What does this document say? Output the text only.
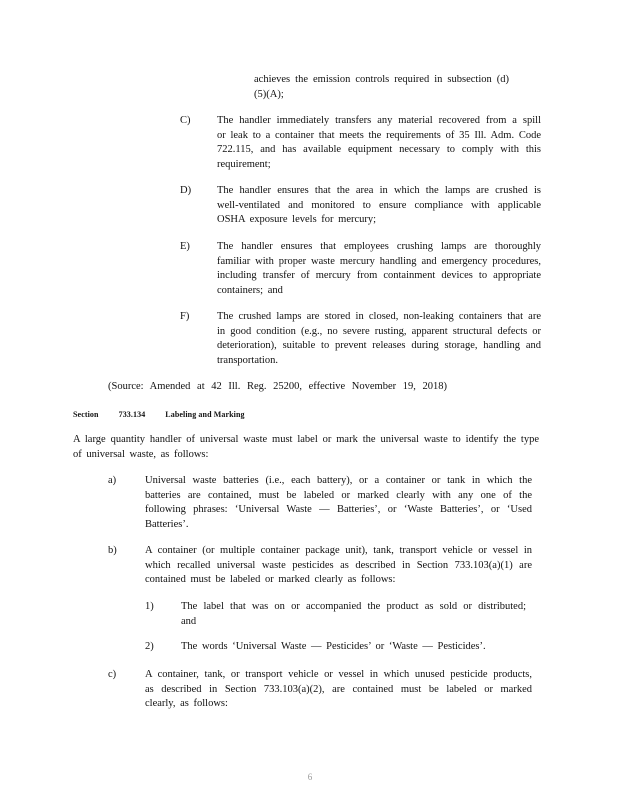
achieves the emission controls required in subsection (d)(5)(A);
C)	The handler immediately transfers any material recovered from a spill or leak to a container that meets the requirements of 35 Ill. Adm. Code 722.115, and has available equipment necessary to comply with this requirement;
D) The handler ensures that the area in which the lamps are crushed is well-ventilated and monitored to ensure compliance with applicable OSHA exposure levels for mercury;
E)	The handler ensures that employees crushing lamps are thoroughly familiar with proper waste mercury handling and emergency procedures, including transfer of mercury from containment devices to appropriate containers; and
F)	The crushed lamps are stored in closed, non-leaking containers that are in good condition (e.g., no severe rusting, apparent structural defects or deterioration), suitable to prevent releases during storage, handling and transportation.
(Source: Amended at 42 Ill. Reg. 25200, effective November 19, 2018)
Section	733.134	Labeling and Marking
A large quantity handler of universal waste must label or mark the universal waste to identify the type of universal waste, as follows:
a)	Universal waste batteries (i.e., each battery), or a container or tank in which the batteries are contained, must be labeled or marked clearly with any one of the following phrases: ‘Universal Waste — Batteries’, or ‘Waste Batteries’, or ‘Used Batteries’.
b)	A container (or multiple container package unit), tank, transport vehicle or vessel in which recalled universal waste pesticides as described in Section 733.103(a)(1) are contained must be labeled or marked clearly as follows:
1)	The label that was on or accompanied the product as sold or distributed; and
2)	The words ‘Universal Waste — Pesticides’ or ‘Waste — Pesticides’.
c)	A container, tank, or transport vehicle or vessel in which unused pesticide products, as described in Section 733.103(a)(2), are contained must be labeled or marked clearly, as follows:
6
